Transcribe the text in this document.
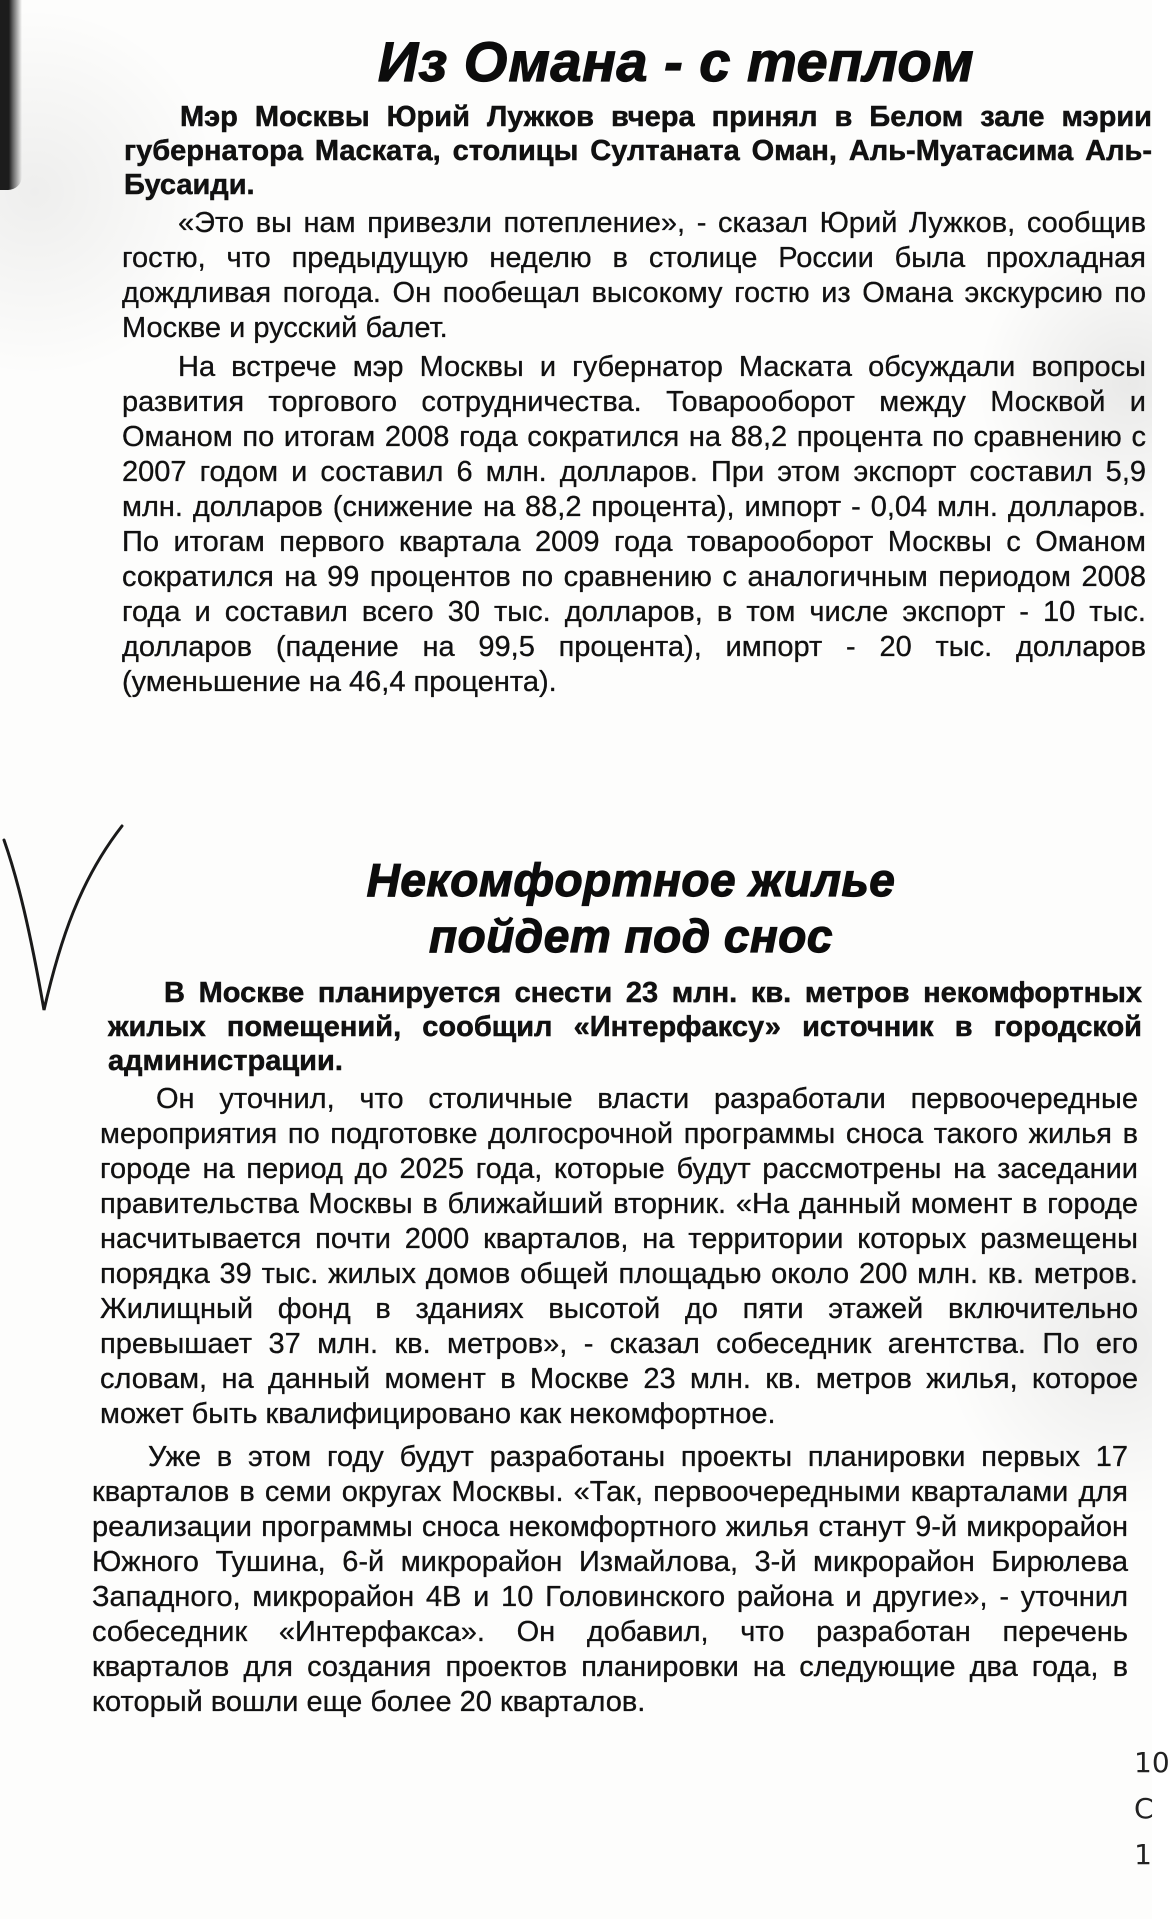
10 С 1
Из Омана - с теплом

Мэр Москвы Юрий Лужков вчера принял в Белом зале мэрии губернатора Маската, столицы Султаната Оман, Аль-Муатасима Аль-Бусаиди.

«Это вы нам привезли потепление», - сказал Юрий Лужков, сообщив гостю, что предыдущую неделю в столице России была прохладная дождливая погода. Он пообещал высокому гостю из Омана экскурсию по Москве и русский балет.

На встрече мэр Москвы и губернатор Маската обсуждали вопросы развития торгового сотрудничества. Товарооборот между Москвой и Оманом по итогам 2008 года сократился на 88,2 процента по сравнению с 2007 годом и составил 6 млн. долларов. При этом экспорт составил 5,9 млн. долларов (снижение на 88,2 процента), импорт - 0,04 млн. долларов. По итогам первого квартала 2009 года товарооборот Москвы с Оманом сократился на 99 процентов по сравнению с аналогичным периодом 2008 года и составил всего 30 тыс. долларов, в том числе экспорт - 10 тыс. долларов (падение на 99,5 процента), импорт - 20 тыс. долларов (уменьшение на 46,4 процента).

Некомфортное жилье
пойдет под снос

В Москве планируется снести 23 млн. кв. метров некомфортных жилых помещений, сообщил «Интерфаксу» источник в городской администрации.

Он уточнил, что столичные власти разработали первоочередные мероприятия по подготовке долгосрочной программы сноса такого жилья в городе на период до 2025 года, которые будут рассмотрены на заседании правительства Москвы в ближайший вторник. «На данный момент в городе насчитывается почти 2000 кварталов, на территории которых размещены порядка 39 тыс. жилых домов общей площадью около 200 млн. кв. метров. Жилищный фонд в зданиях высотой до пяти этажей включительно превышает 37 млн. кв. метров», - сказал собеседник агентства. По его словам, на данный момент в Москве 23 млн. кв. метров жилья, которое может быть квалифицировано как некомфортное.

Уже в этом году будут разработаны проекты планировки первых 17 кварталов в семи округах Москвы. «Так, первоочередными кварталами для реализации программы сноса некомфортного жилья станут 9-й микрорайон Южного Тушина, 6-й микрорайон Измайлова, 3-й микрорайон Бирюлева Западного, микрорайон 4В и 10 Головинского района и другие», - уточнил собеседник «Интерфакса». Он добавил, что разработан перечень кварталов для создания проектов планировки на следующие два года, в который вошли еще более 20 кварталов.
